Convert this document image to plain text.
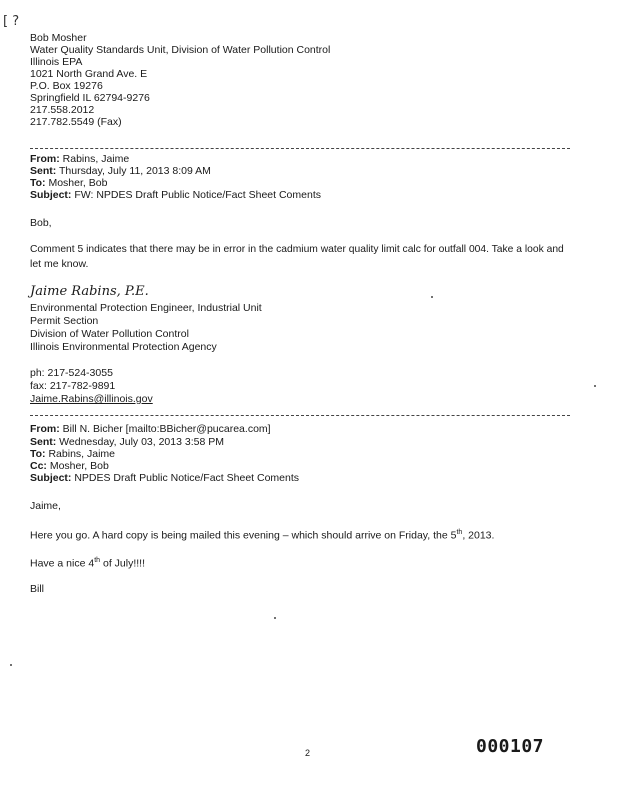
[ ?
Bob Mosher
Water Quality Standards Unit, Division of Water Pollution Control
Illinois EPA
1021 North Grand Ave. E
P.O. Box 19276
Springfield IL 62794-9276
217.558.2012
217.782.5549 (Fax)
From: Rabins, Jaime
Sent: Thursday, July 11, 2013 8:09 AM
To: Mosher, Bob
Subject: FW: NPDES Draft Public Notice/Fact Sheet Coments
Bob,
Comment 5 indicates that there may be in error in the cadmium water quality limit calc for outfall 004. Take a look and
let me know.
Jaime Rabins, P.E.
Environmental Protection Engineer, Industrial Unit
Permit Section
Division of Water Pollution Control
Illinois Environmental Protection Agency
ph: 217-524-3055
fax: 217-782-9891
Jaime.Rabins@illinois.gov
From: Bill N. Bicher [mailto:BBicher@pucarea.com]
Sent: Wednesday, July 03, 2013 3:58 PM
To: Rabins, Jaime
Cc: Mosher, Bob
Subject: NPDES Draft Public Notice/Fact Sheet Coments
Jaime,
Here you go. A hard copy is being mailed this evening – which should arrive on Friday, the 5th, 2013.
Have a nice 4th of July!!!!
Bill
2	000107
